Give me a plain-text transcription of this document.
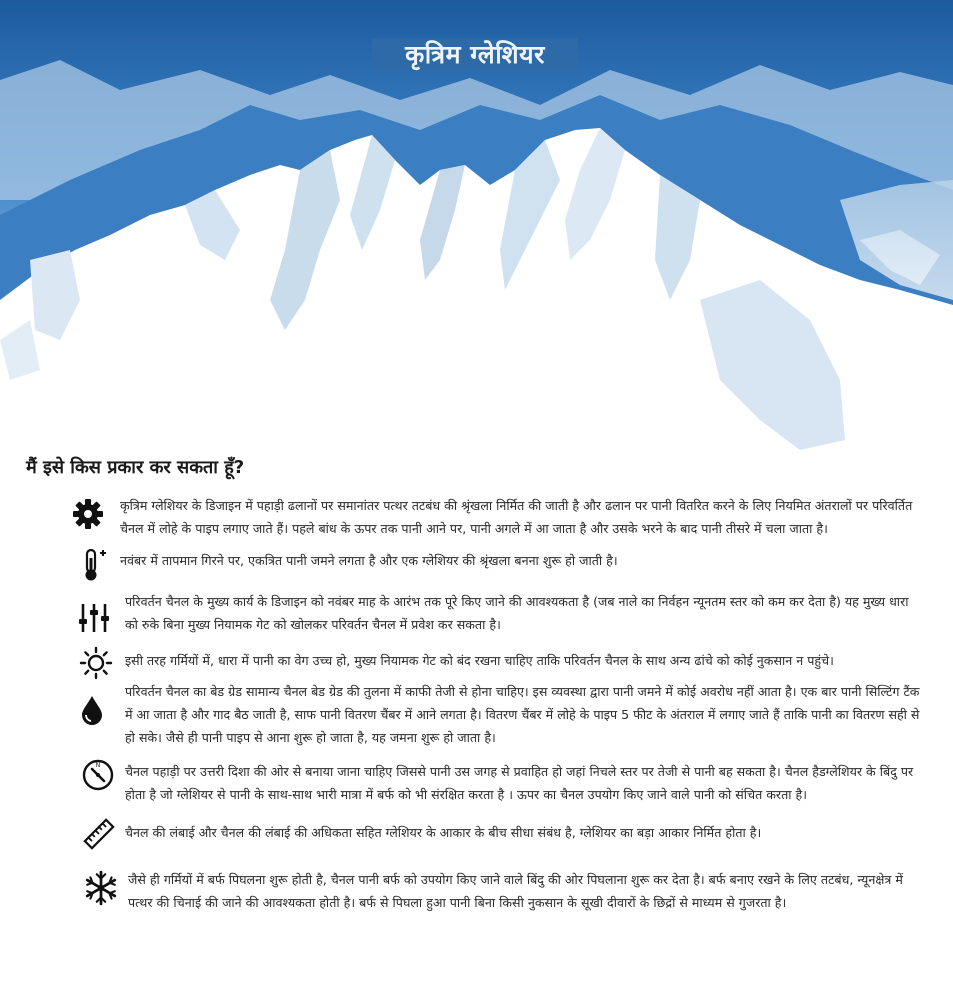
कृत्रिम ग्लेशियर
मैं इसे किस प्रकार कर सकता हूँ?
कृत्रिम ग्लेशियर के डिजाइन में पहाड़ी ढलानों पर समानांतर पत्थर तटबंध की श्रृंखला निर्मित की जाती है और ढलान पर पानी वितरित करने के लिए नियमित अंतरालों पर परिवर्तित चैनल में लोहे के पाइप लगाए जाते हैं। पहले बांध के ऊपर तक पानी आने पर, पानी अगले में आ जाता है और उसके भरने के बाद पानी तीसरे में चला जाता है।
नवंबर में तापमान गिरने पर, एकत्रित पानी जमने लगता है और एक ग्लेशियर की श्रृंखला बनना शुरू हो जाती है।
परिवर्तन चैनल के मुख्य कार्य के डिजाइन को नवंबर माह के आरंभ तक पूरे किए जाने की आवश्यकता है (जब नाले का निर्वहन न्यूनतम स्तर को कम कर देता है) यह मुख्य धारा को रुके बिना मुख्य नियामक गेट को खोलकर परिवर्तन चैनल में प्रवेश कर सकता है।
इसी तरह गर्मियों में, धारा में पानी का वेग उच्च हो, मुख्य नियामक गेट को बंद रखना चाहिए ताकि परिवर्तन चैनल के साथ अन्य ढांचे को कोई नुकसान न पहुंचे।
परिवर्तन चैनल का बेड ग्रेड सामान्य चैनल बेड ग्रेड की तुलना में काफी तेजी से होना चाहिए। इस व्यवस्था द्वारा पानी जमने में कोई अवरोध नहीं आता है। एक बार पानी सिल्टिंग टैंक में आ जाता है और गाद बैठ जाती है, साफ पानी वितरण चैंबर में आने लगता है। वितरण चैंबर में लोहे के पाइप 5 फीट के अंतराल में लगाए जाते हैं ताकि पानी का वितरण सही से हो सके। जैसे ही पानी पाइप से आना शुरू हो जाता है, यह जमना शुरू हो जाता है।
N चैनल पहाड़ी पर उत्तरी दिशा की ओर से बनाया जाना चाहिए जिससे पानी उस जगह से प्रवाहित हो जहां निचले स्तर पर तेजी से पानी बह सकता है। चैनल हैडग्लेशियर के बिंदु पर होता है जो ग्लेशियर से पानी के साथ-साथ भारी मात्रा में बर्फ को भी संरक्षित करता है । ऊपर का चैनल उपयोग किए जाने वाले पानी को संचित करता है।
चैनल की लंबाई और चैनल की लंबाई की अधिकता सहित ग्लेशियर के आकार के बीच सीधा संबंध है, ग्लेशियर का बड़ा आकार निर्मित होता है।
जैसे ही गर्मियों में बर्फ पिघलना शुरू होती है, चैनल पानी बर्फ को उपयोग किए जाने वाले बिंदु की ओर पिघलाना शुरू कर देता है। बर्फ बनाए रखने के लिए तटबंध, न्यूनक्षेत्र में पत्थर की चिनाई की जाने की आवश्यकता होती है। बर्फ से पिघला हुआ पानी बिना किसी नुकसान के सूखी दीवारों के छिद्रों से माध्यम से गुजरता है।
